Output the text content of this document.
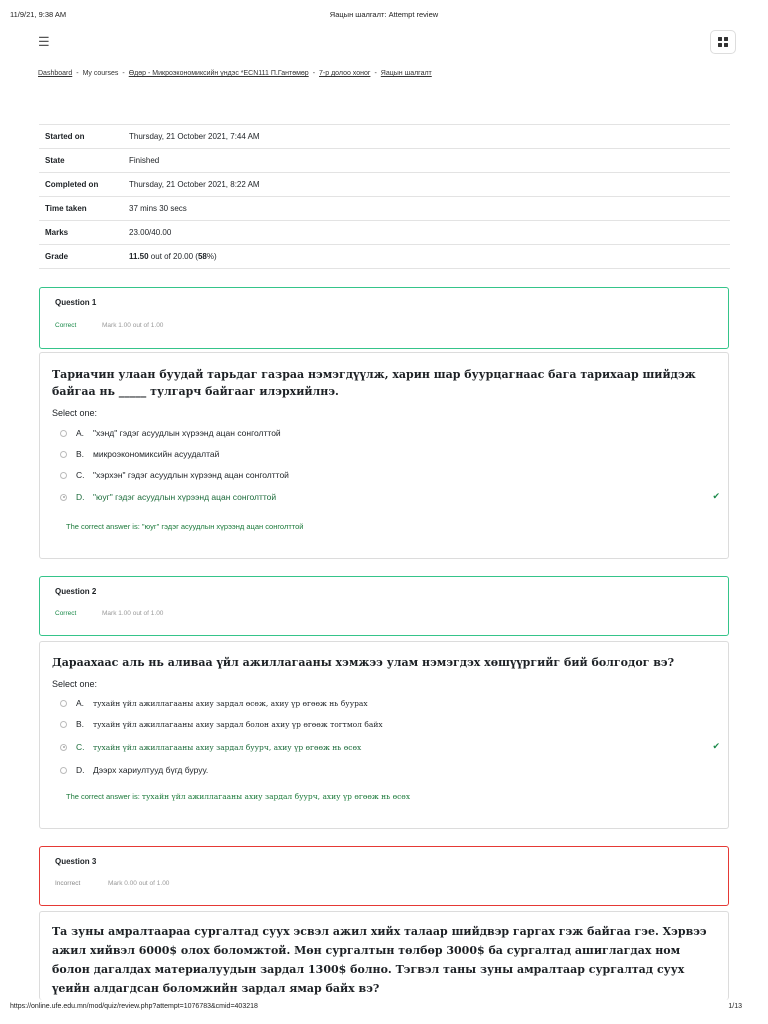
11/9/21, 9:38 AM	Яацын шалгалт: Attempt review
☰
Dashboard - My courses - Өдөр - Микроэкономиксийн үндэс *ECN111 П.Гантөмөр - 7-р долоо хоног - Яацын шалгалт
Started on	Thursday, 21 October 2021, 7:44 AM
State	Finished
Completed on	Thursday, 21 October 2021, 8:22 AM
Time taken	37 mins 30 secs
Marks	23.00/40.00
Grade	11.50 out of 20.00 (58%)
Question 1
Correct	Mark 1.00 out of 1.00
Тариачин улаан буудай тарьдаг газраа нэмэгдүүлж, харин шар буурцагнаас бага тарихаар шийдэж байгаа нь _____ тулгарч байгааг илэрхийлнэ.
Select one:
A.	"хэнд" гэдэг асуудлын хүрээнд ацан сонголттой
B.	микроэкономиксийн асуудалтай
C.	"хэрхэн" гэдэг асуудлын хүрээнд ацан сонголттой
D.	"юуг" гэдэг асуудлын хүрээнд ацан сонголттой	✔
The correct answer is: "юуг" гэдэг асуудлын хүрээнд ацан сонголттой
Question 2
Correct	Mark 1.00 out of 1.00
Дараахаас аль нь аливаа үйл ажиллагааны хэмжээ улам нэмэгдэх хөшүүргийг бий болгодог вэ?
Select one:
A.	тухайн үйл ажиллагааны ахиу зардал өсөж, ахиу үр өгөөж нь буурах
B.	тухайн үйл ажиллагааны ахиу зардал болон ахиу үр өгөөж тогтмол байх
C.	тухайн үйл ажиллагааны ахиу зардал буурч, ахиу үр өгөөж нь өсөх	✔
D.	Дээрх хариултууд бүгд буруу.
The correct answer is: тухайн үйл ажиллагааны ахиу зардал буурч, ахиу үр өгөөж нь өсөх
Question 3
Incorrect	Mark 0.00 out of 1.00
Та зуны амралтаараа сургалтад суух эсвэл ажил хийх талаар шийдвэр гаргах гэж байгаа гэе. Хэрвээ ажил хийвэл 6000$ олох боломжтой. Мөн сургалтын төлбөр 3000$ ба сургалтад ашиглагдах ном болон дагалдах материалуудын зардал 1300$ болно. Тэгвэл таны зуны амралтаар сургалтад суух үеийн алдагдсан боломжийн зардал ямар байх вэ?
https://online.ufe.edu.mn/mod/quiz/review.php?attempt=1076783&cmid=403218	1/13
